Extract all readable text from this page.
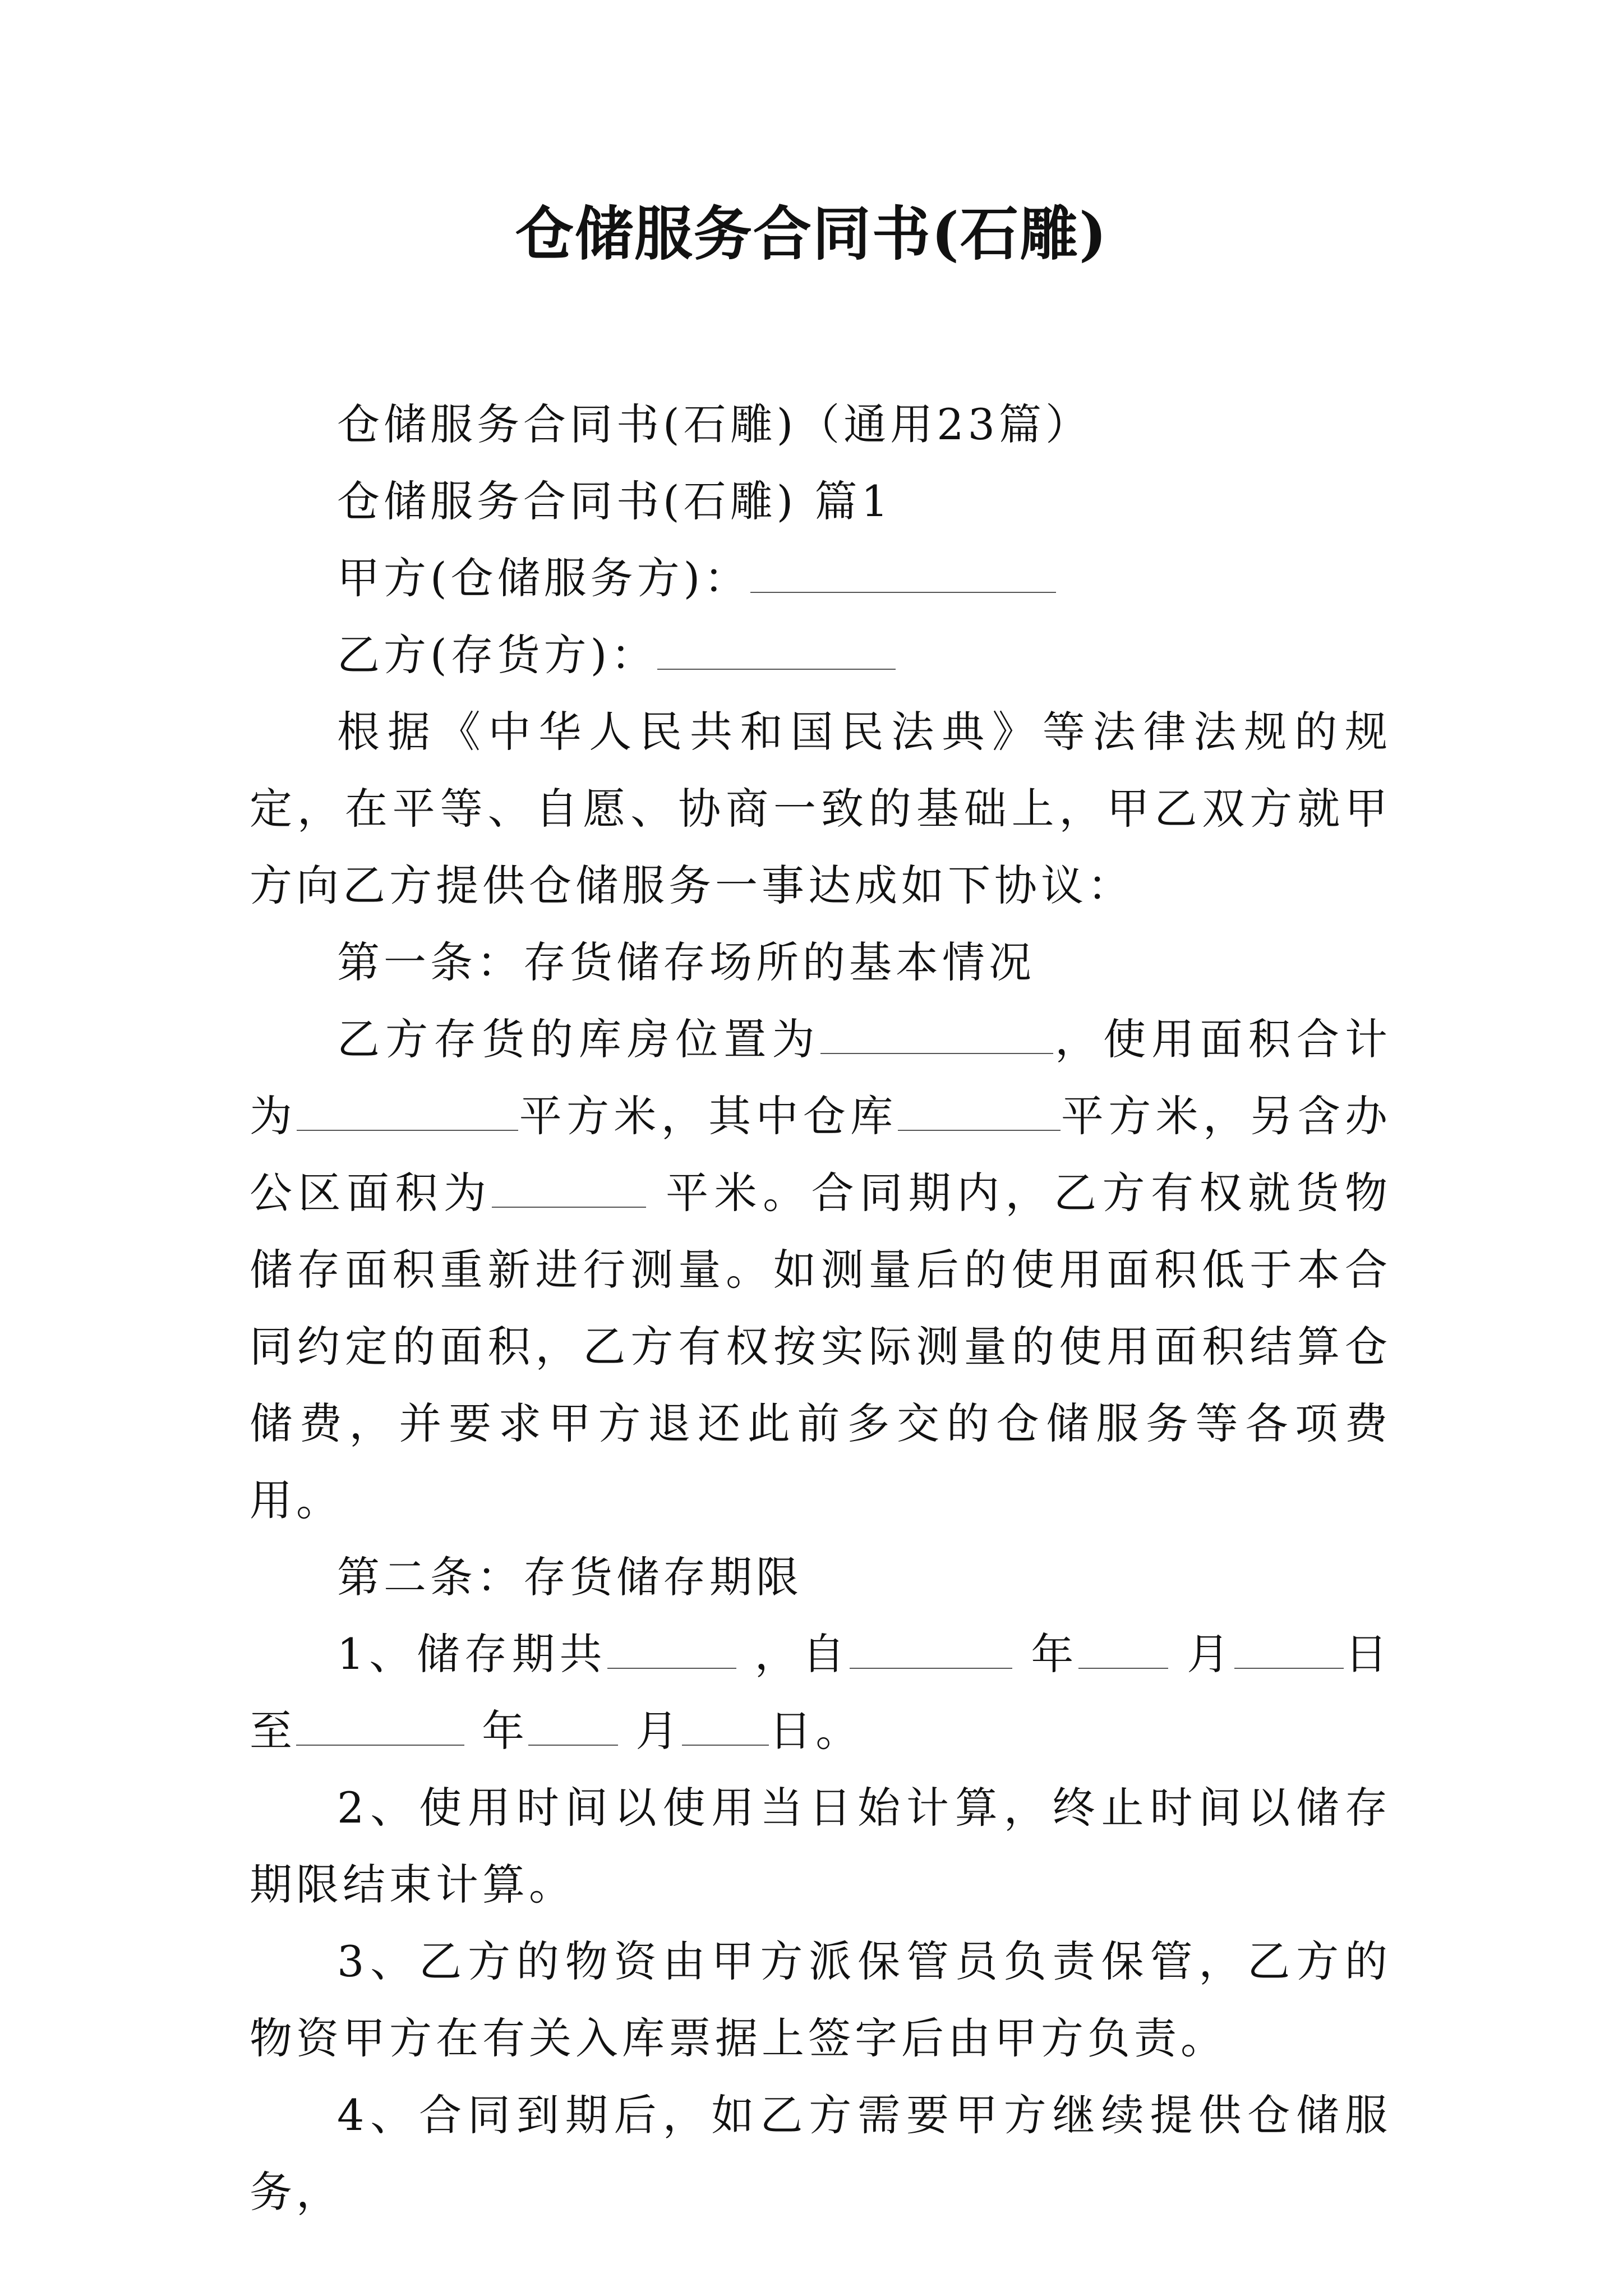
仓储服务合同书(石雕)

仓储服务合同书(石雕)（通用23篇）

仓储服务合同书(石雕) 篇1

甲方(仓储服务方)：

乙方(存货方)：

根据《中华人民共和国民法典》等法律法规的规定，在平等、自愿、协商一致的基础上，甲乙双方就甲方向乙方提供仓储服务一事达成如下协议：

第一条：存货储存场所的基本情况

乙方存货的库房位置为	，使用面积合计为	平方米，其中仓库	平方米，另含办公区面积为	平米。合同期内，乙方有权就货物储存面积重新进行测量。如测量后的使用面积低于本合同约定的面积，乙方有权按实际测量的使用面积结算仓储费，并要求甲方退还此前多交的仓储服务等各项费用。

第二条：存货储存期限

1、储存期共	，自	年 月	日至	年 月 日。

2、使用时间以使用当日始计算，终止时间以储存期限结束计算。

3、乙方的物资由甲方派保管员负责保管，乙方的物资甲方在有关入库票据上签字后由甲方负责。

4、合同到期后，如乙方需要甲方继续提供仓储服务，
